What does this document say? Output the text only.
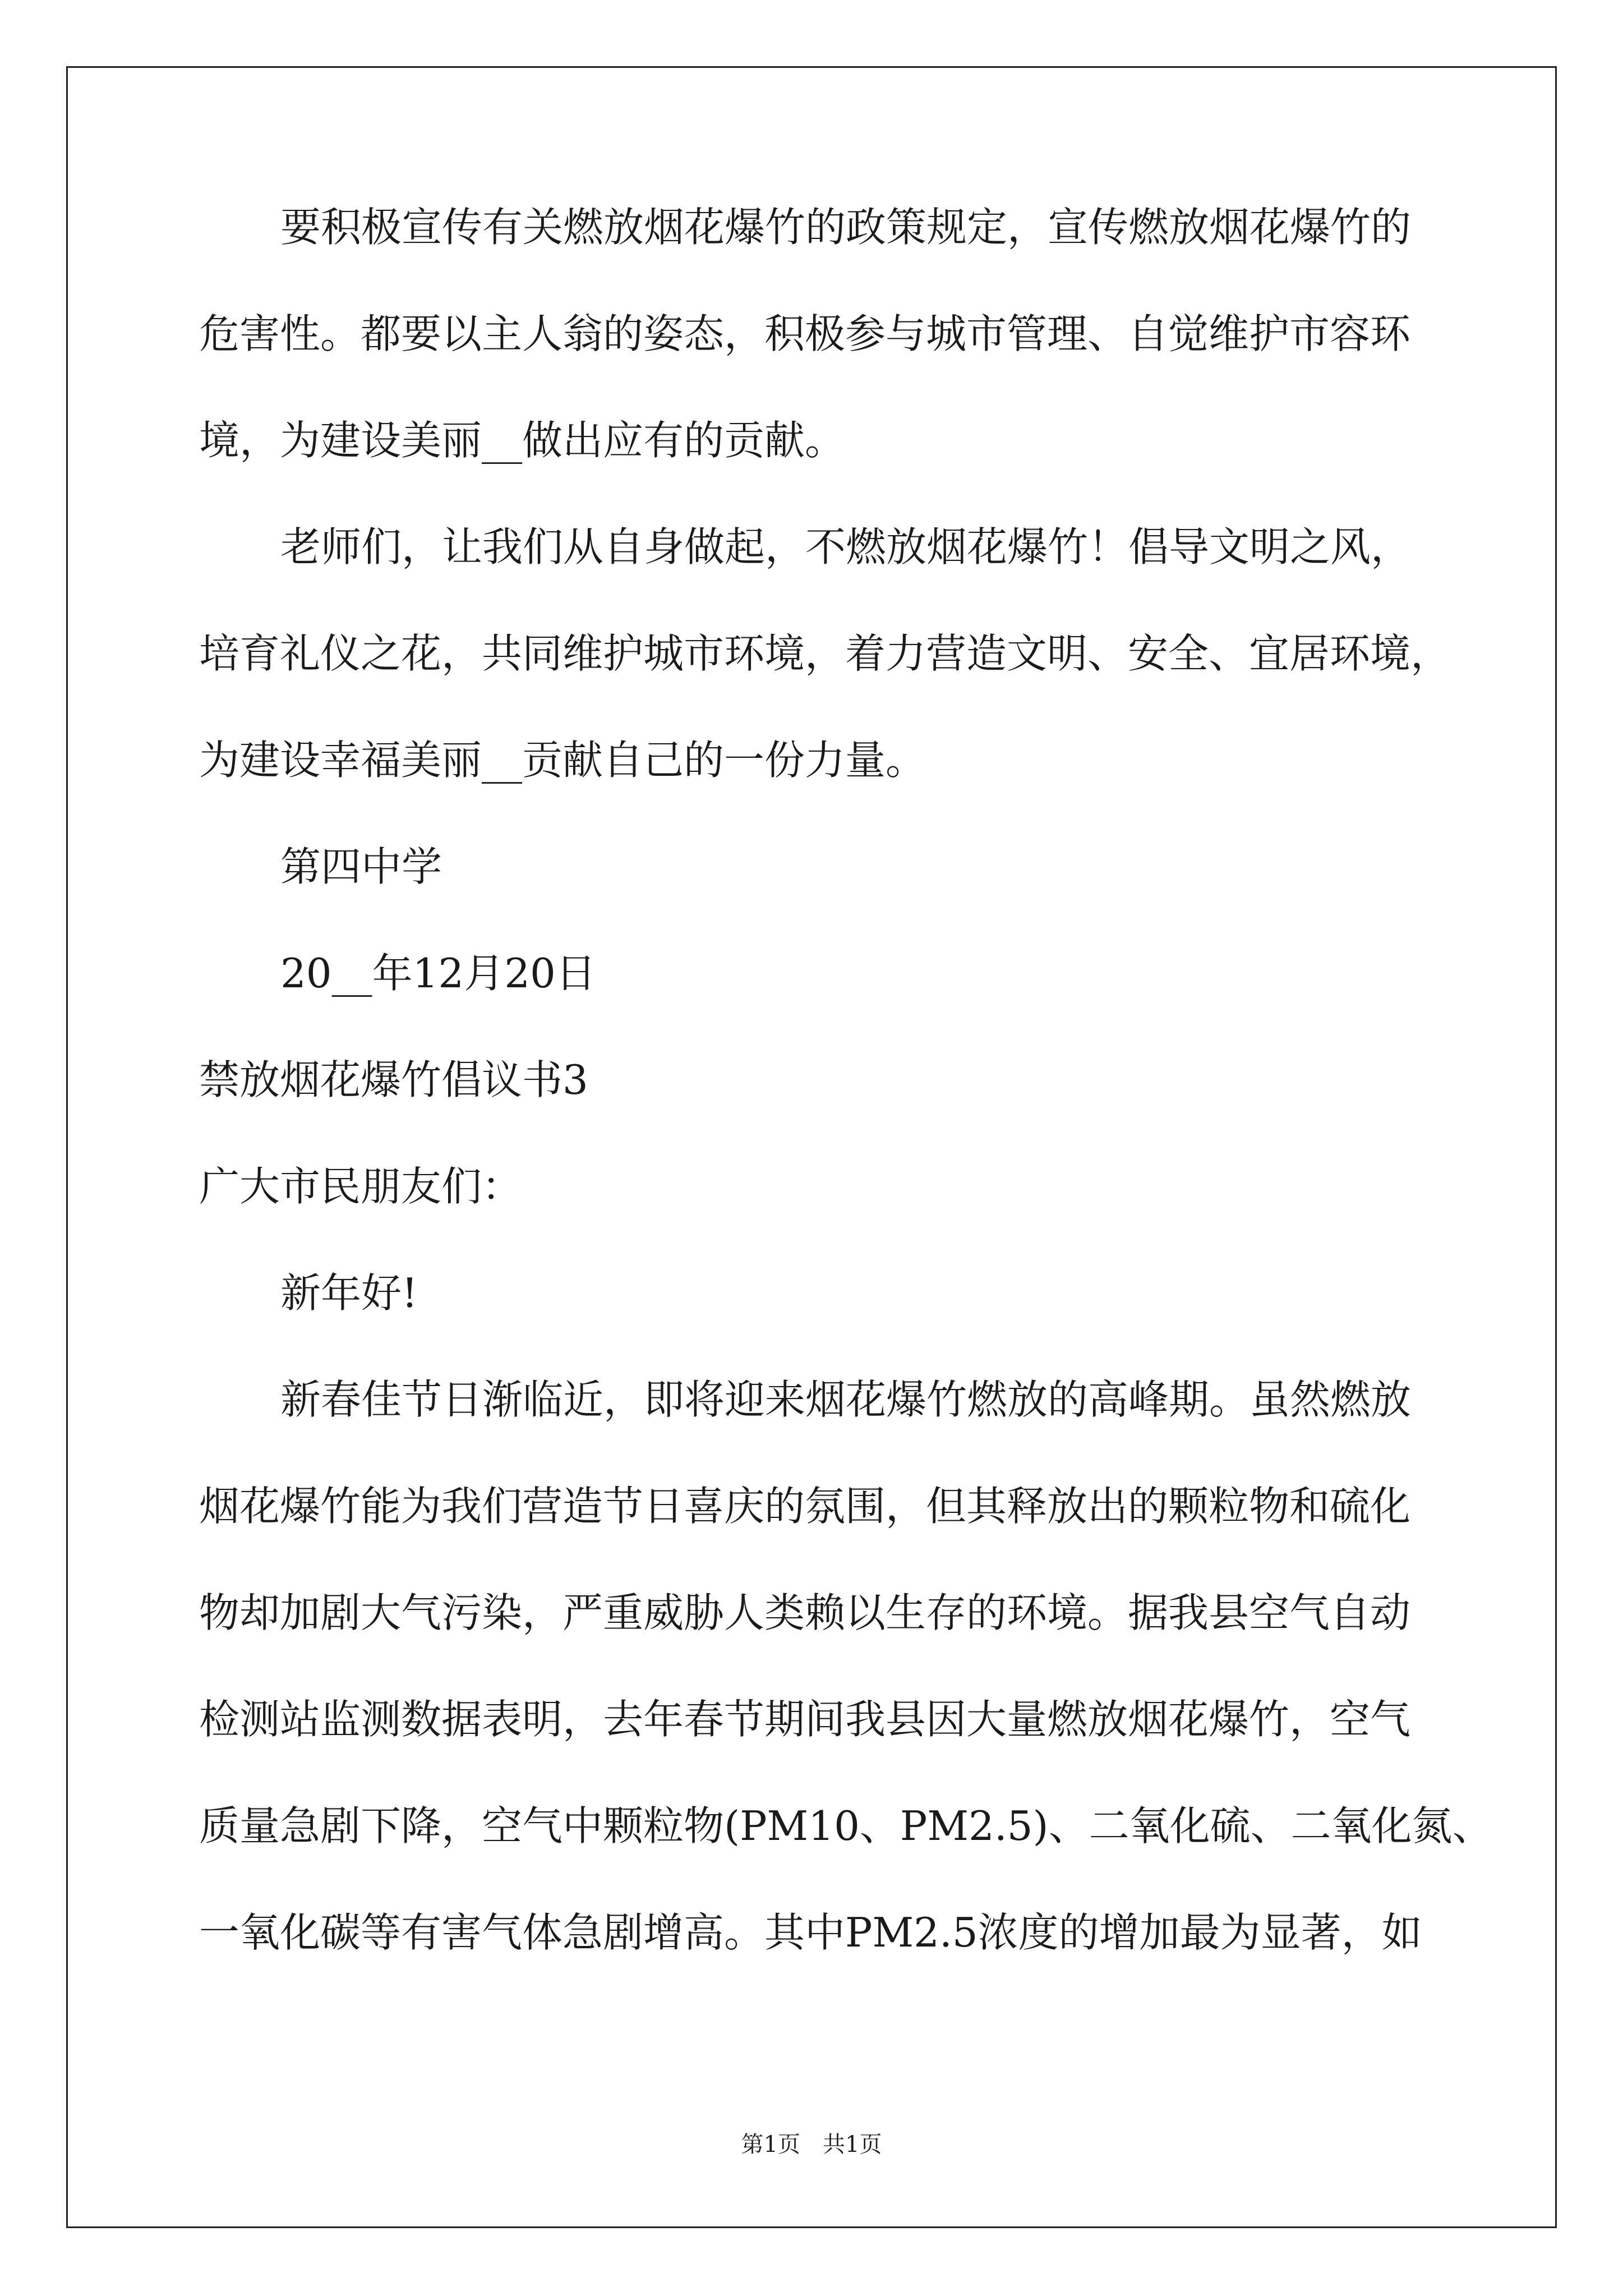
要积极宣传有关燃放烟花爆竹的政策规定，宣传燃放烟花爆竹的
危害性。都要以主人翁的姿态，积极参与城市管理、自觉维护市容环
境，为建设美丽__做出应有的贡献。
老师们，让我们从自身做起，不燃放烟花爆竹！倡导文明之风，
培育礼仪之花，共同维护城市环境，着力营造文明、安全、宜居环境，
为建设幸福美丽__贡献自己的一份力量。
第四中学
20__年12月20日
禁放烟花爆竹倡议书3
广大市民朋友们：
新年好!
新春佳节日渐临近，即将迎来烟花爆竹燃放的高峰期。虽然燃放
烟花爆竹能为我们营造节日喜庆的氛围，但其释放出的颗粒物和硫化
物却加剧大气污染，严重威胁人类赖以生存的环境。据我县空气自动
检测站监测数据表明，去年春节期间我县因大量燃放烟花爆竹，空气
质量急剧下降，空气中颗粒物(PM10、PM2.5)、二氧化硫、二氧化氮、
一氧化碳等有害气体急剧增高。其中PM2.5浓度的增加最为显著，如
第1页　共1页
